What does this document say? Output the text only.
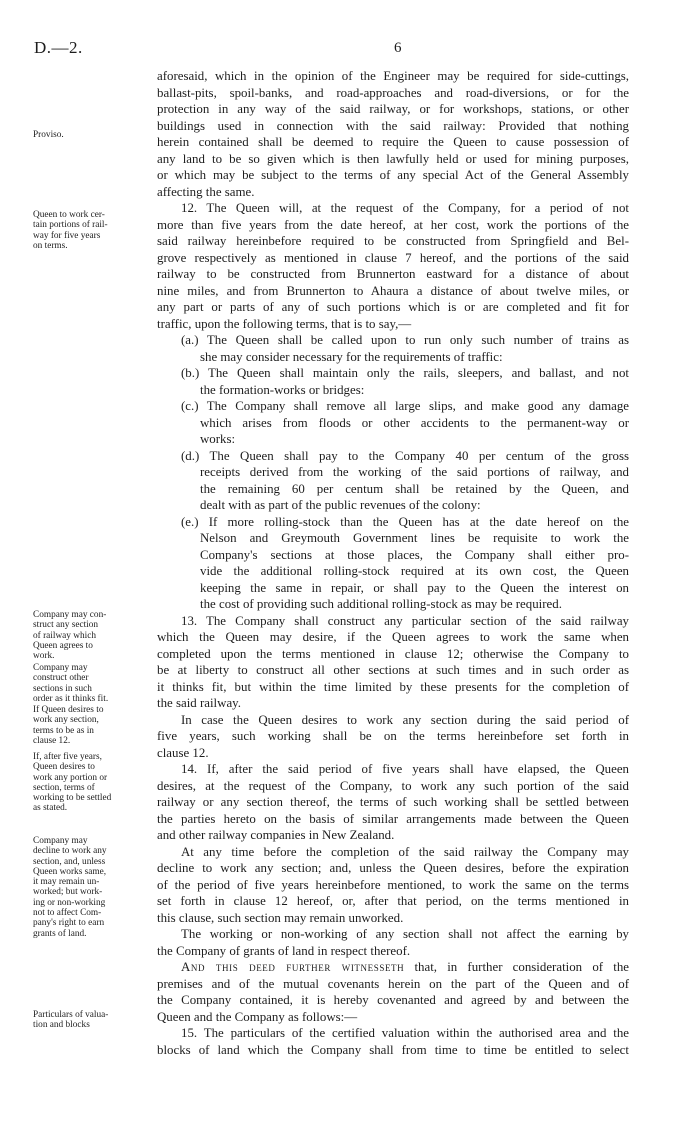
D.—2.	6
Proviso.
Queen to work cer-
tain portions of rail-
way for five years
on terms.
Company may con-
struct any section
of railway which
Queen agrees to
work.
Company may
construct other
sections in such
order as it thinks fit.
If Queen desires to
work any section,
terms to be as in
clause 12.
If, after five years,
Queen desires to
work any portion or
section, terms of
working to be settled
as stated.
Company may
decline to work any
section, and, unless
Queen works same,
it may remain un-
worked; but work-
ing or non-working
not to affect Com-
pany's right to earn
grants of land.
Particulars of valua-
tion and blocks
aforesaid, which in the opinion of the Engineer may be required for side-cuttings,
ballast-pits, spoil-banks, and road-approaches and road-diversions, or for the
protection in any way of the said railway, or for workshops, stations, or other
buildings used in connection with the said railway: Provided that nothing
herein contained shall be deemed to require the Queen to cause possession of
any land to be so given which is then lawfully held or used for mining purposes,
or which may be subject to the terms of any special Act of the General Assembly
affecting the same.
12. The Queen will, at the request of the Company, for a period of not
more than five years from the date hereof, at her cost, work the portions of the
said railway hereinbefore required to be constructed from Springfield and Bel-
grove respectively as mentioned in clause 7 hereof, and the portions of the said
railway to be constructed from Brunnerton eastward for a distance of about
nine miles, and from Brunnerton to Ahaura a distance of about twelve miles, or
any part or parts of any of such portions which is or are completed and fit for
traffic, upon the following terms, that is to say,—
(a.) The Queen shall be called upon to run only such number of trains as
she may consider necessary for the requirements of traffic:
(b.) The Queen shall maintain only the rails, sleepers, and ballast, and not
the formation-works or bridges:
(c.) The Company shall remove all large slips, and make good any damage
which arises from floods or other accidents to the permanent-way or
works:
(d.) The Queen shall pay to the Company 40 per centum of the gross
receipts derived from the working of the said portions of railway, and
the remaining 60 per centum shall be retained by the Queen, and
dealt with as part of the public revenues of the colony:
(e.) If more rolling-stock than the Queen has at the date hereof on the
Nelson and Greymouth Government lines be requisite to work the
Company's sections at those places, the Company shall either pro-
vide the additional rolling-stock required at its own cost, the Queen
keeping the same in repair, or shall pay to the Queen the interest on
the cost of providing such additional rolling-stock as may be required.
13. The Company shall construct any particular section of the said railway
which the Queen may desire, if the Queen agrees to work the same when
completed upon the terms mentioned in clause 12; otherwise the Company to
be at liberty to construct all other sections at such times and in such order as
it thinks fit, but within the time limited by these presents for the completion of
the said railway.
In case the Queen desires to work any section during the said period of
five years, such working shall be on the terms hereinbefore set forth in
clause 12.
14. If, after the said period of five years shall have elapsed, the Queen
desires, at the request of the Company, to work any such portion of the said
railway or any section thereof, the terms of such working shall be settled between
the parties hereto on the basis of similar arrangements made between the Queen
and other railway companies in New Zealand.
At any time before the completion of the said railway the Company may
decline to work any section; and, unless the Queen desires, before the expiration
of the period of five years hereinbefore mentioned, to work the same on the terms
set forth in clause 12 hereof, or, after that period, on the terms mentioned in
this clause, such section may remain unworked.
The working or non-working of any section shall not affect the earning by
the Company of grants of land in respect thereof.
And this deed further witnesseth that, in further consideration of the
premises and of the mutual covenants herein on the part of the Queen and of
the Company contained, it is hereby covenanted and agreed by and between the
Queen and the Company as follows:—
15. The particulars of the certified valuation within the authorised area and the
blocks of land which the Company shall from time to time be entitled to select
